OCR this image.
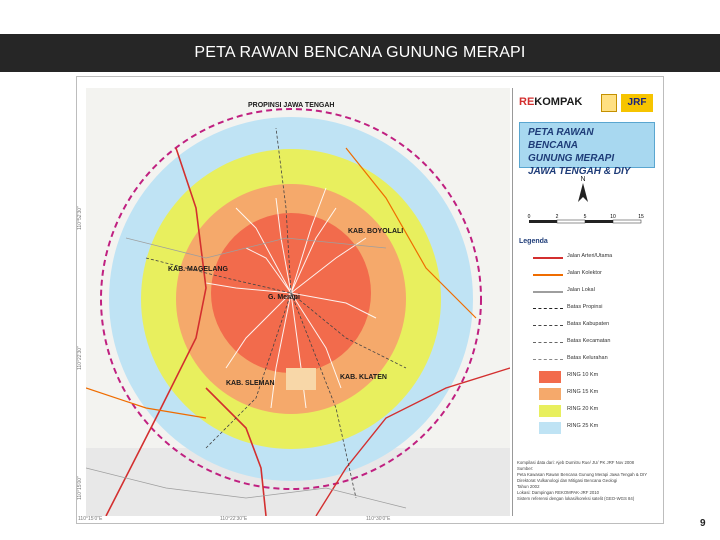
PETA RAWAN BENCANA GUNUNG MERAPI
PROPINSI JAWA TENGAH
KAB. BOYOLALI
KAB. MAGELANG
G. Merapi
KAB. SLEMAN
KAB. KLATEN
110°52'30"
110°22'30"
110°15'00"
110°15'0"E	110°22'30"E	110°30'0"E
REKOMPAK	JRF
PETA RAWAN BENCANA
GUNUNG MERAPI
JAWA TENGAH & DIY
N
0	2	5	10	15
Legenda
Jalan Arteri/Utama
Jalan Kolektor
Jalan Lokal
Batas Propinsi
Batas Kabupaten
Batas Kecamatan
Batas Kelurahan
RING 10 Km
RING 15 Km
RING 20 Km
RING 25 Km
Kompilasi data dari: Ajeb Dumitru Rue/ JU/ PK JRF Nov 2008
Sumber:
Peta Kawasan Rawan Bencana Gunung Merapi Jawa Tengah & DIY
Direktorat Vulkanologi dan Mitigasi Bencana Geologi
Tahun 2002
Lokasi: Dampingan REKOMPAK-JRF 2010
Sistem referensi dengan lokasi/koreksi satelit (GEO-WGS 84)
9
